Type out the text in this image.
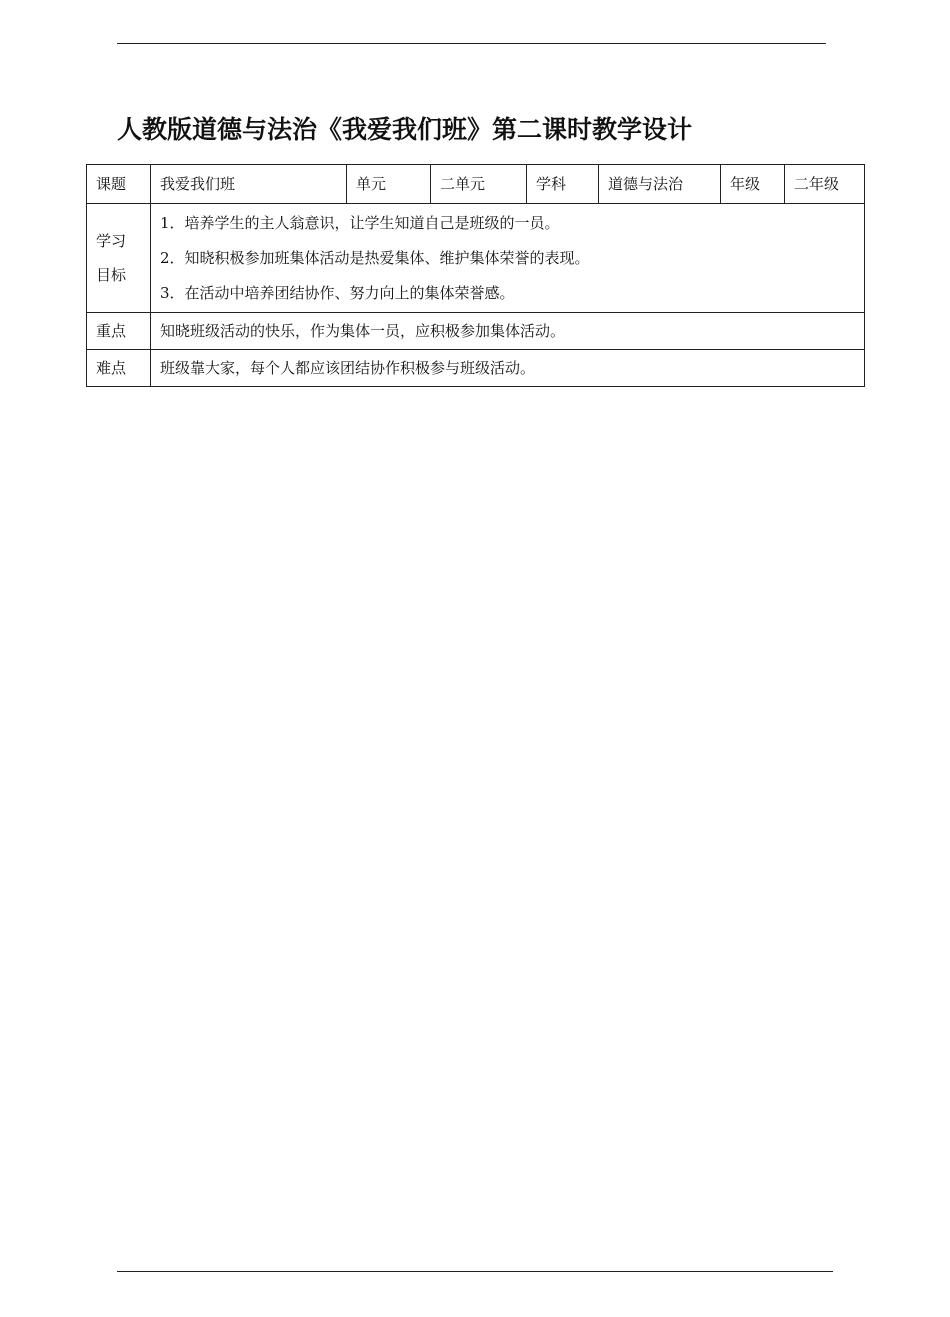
人教版道德与法治《我爱我们班》第二课时教学设计
课题	我爱我们班	单元	二单元	学科	道德与法治	年级	二年级

学习
目标	1．培养学生的主人翁意识，让学生知道自己是班级的一员。
2．知晓积极参加班集体活动是热爱集体、维护集体荣誉的表现。
3．在活动中培养团结协作、努力向上的集体荣誉感。						

重点	知晓班级活动的快乐，作为集体一员，应积极参加集体活动。						
难点	班级靠大家，每个人都应该团结协作积极参与班级活动。						
